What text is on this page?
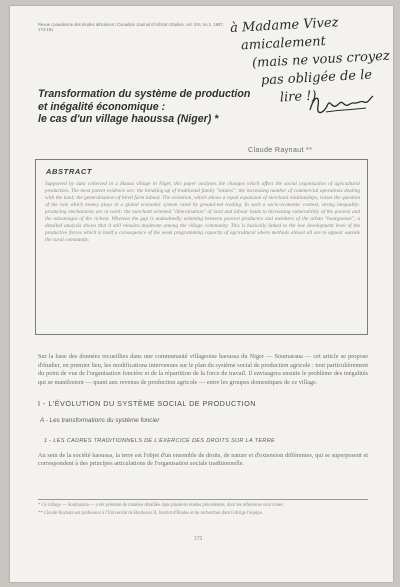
Revue canadienne des études africaines / Canadian Journal of African Studies, vol. XXI, no 2, 1987, 173-191	à Madame Vivez
amicalement
(mais ne vous croyez
pas obligée de le
lire !)
Transformation du système de production
et inégalité économique :
le cas d'un village haoussa (Niger) *
Claude Raynaut **
ABSTRACT
Supported by data collected in a Hausa village in Niger, this paper analyses the changes which affect the social organisation of agricultural production. The most patent evidence are: the breaking up of traditional family "estates"; the increasing number of commercial operations dealing with the land; the generalisation of hired farm labour. The evolution, which shows a rapid expansion of merchant relationships, raises the question of the role which money plays in a global economic system ruled by ground-net trading. In such a socio-economic context, strong inequality-producing mechanisms are at work: the merchant oriented "liberalisation" of land and labour leads to increasing vulnerability of the poorest and the advantages of the richest. Whereas the gap is undoubtedly widening between poorest producers and members of the urban "bourgeoisie", a detailed analysis shows that it still remains moderate among the village community. This is basically linked to the low development level of the productive forces which is itself a consequence of the weak programming capacity of agricultural where methods almost all are to appear outside the rural community.
Sur la base des données recueillies dans une communauté villageoise haoussa du Niger — Soumarana — cet article se propose d'étudier, en premier lieu, les modifications intervenues sur le plan du système social de production agricole : tout particulièrement du point de vue de l'organisation foncière et de la répartition de la force de travail. Il envisagera ensuite le problème des inégalités qui se manifestent — quant aux revenus de production agricole — entre les groupes domestiques de ce village.
I - L'ÉVOLUTION DU SYSTÈME SOCIAL DE PRODUCTION
A - Les transformations du système foncier
1 - LES CADRES TRADITIONNELS DE L'EXERCICE DES DROITS SUR LA TERRE
Au sein de la société haoussa, la terre est l'objet d'un ensemble de droits, de nature et d'extension différentes, qui se superposent et correspondent à des principes articulations de l'organisation sociale traditionnelle.

* Ce village — Soumarana — a été présenté de manière détaillée dans plusieurs études précédentes, dont les références sont citées.

** Claude Raynaut est professeur à l'Université de Bordeaux II, Institut d'Études et de recherches dont il dirige l'équipe.

173
